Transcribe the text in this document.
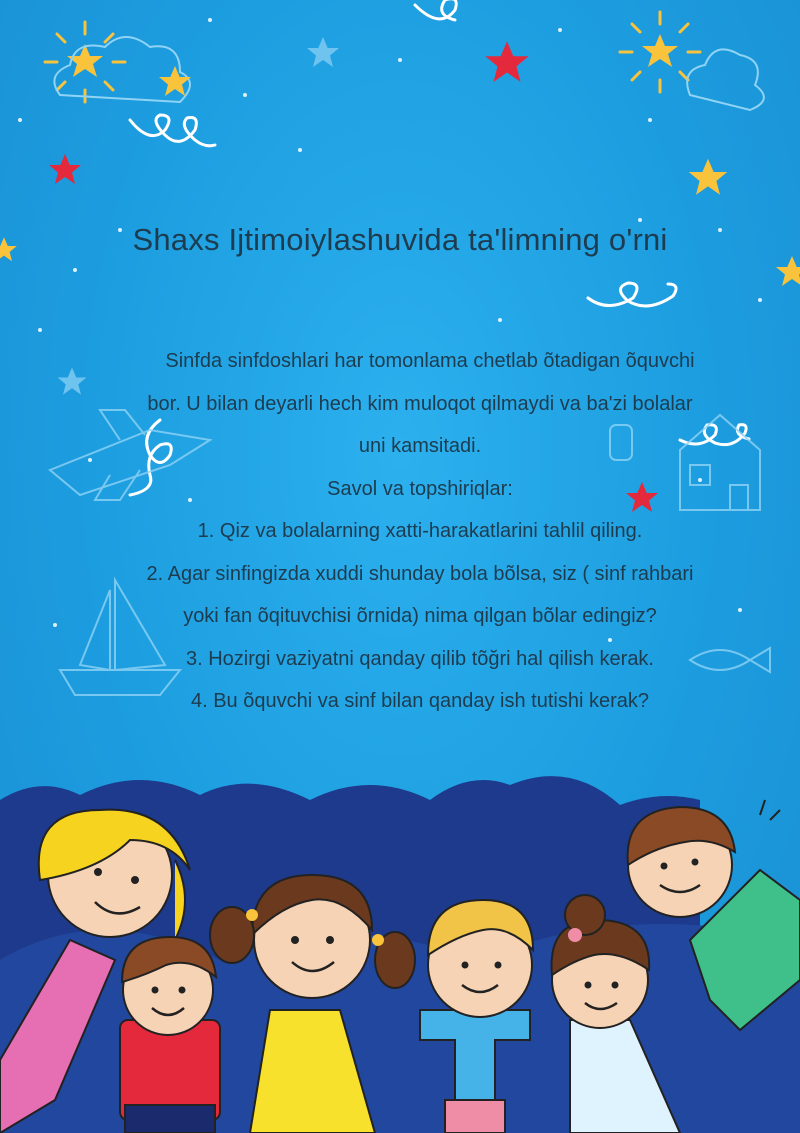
Shaxs Ijtimoiylashuvida ta'limning o'rni
Sinfda sinfdoshlari har tomonlama chetlab õtadigan õquvchi
bor. U bilan deyarli hech kim muloqot qilmaydi va ba'zi bolalar
uni kamsitadi.
Savol va topshiriqlar:
1. Qiz va bolalarning xatti-harakatlarini tahlil qiling.
2. Agar sinfingizda xuddi shunday bola bõlsa, siz ( sinf rahbari
yoki fan õqituvchisi õrnida) nima qilgan bõlar edingiz?
3. Hozirgi vaziyatni qanday qilib tõğri hal qilish kerak.
4. Bu õquvchi va sinf bilan qanday ish tutishi kerak?
